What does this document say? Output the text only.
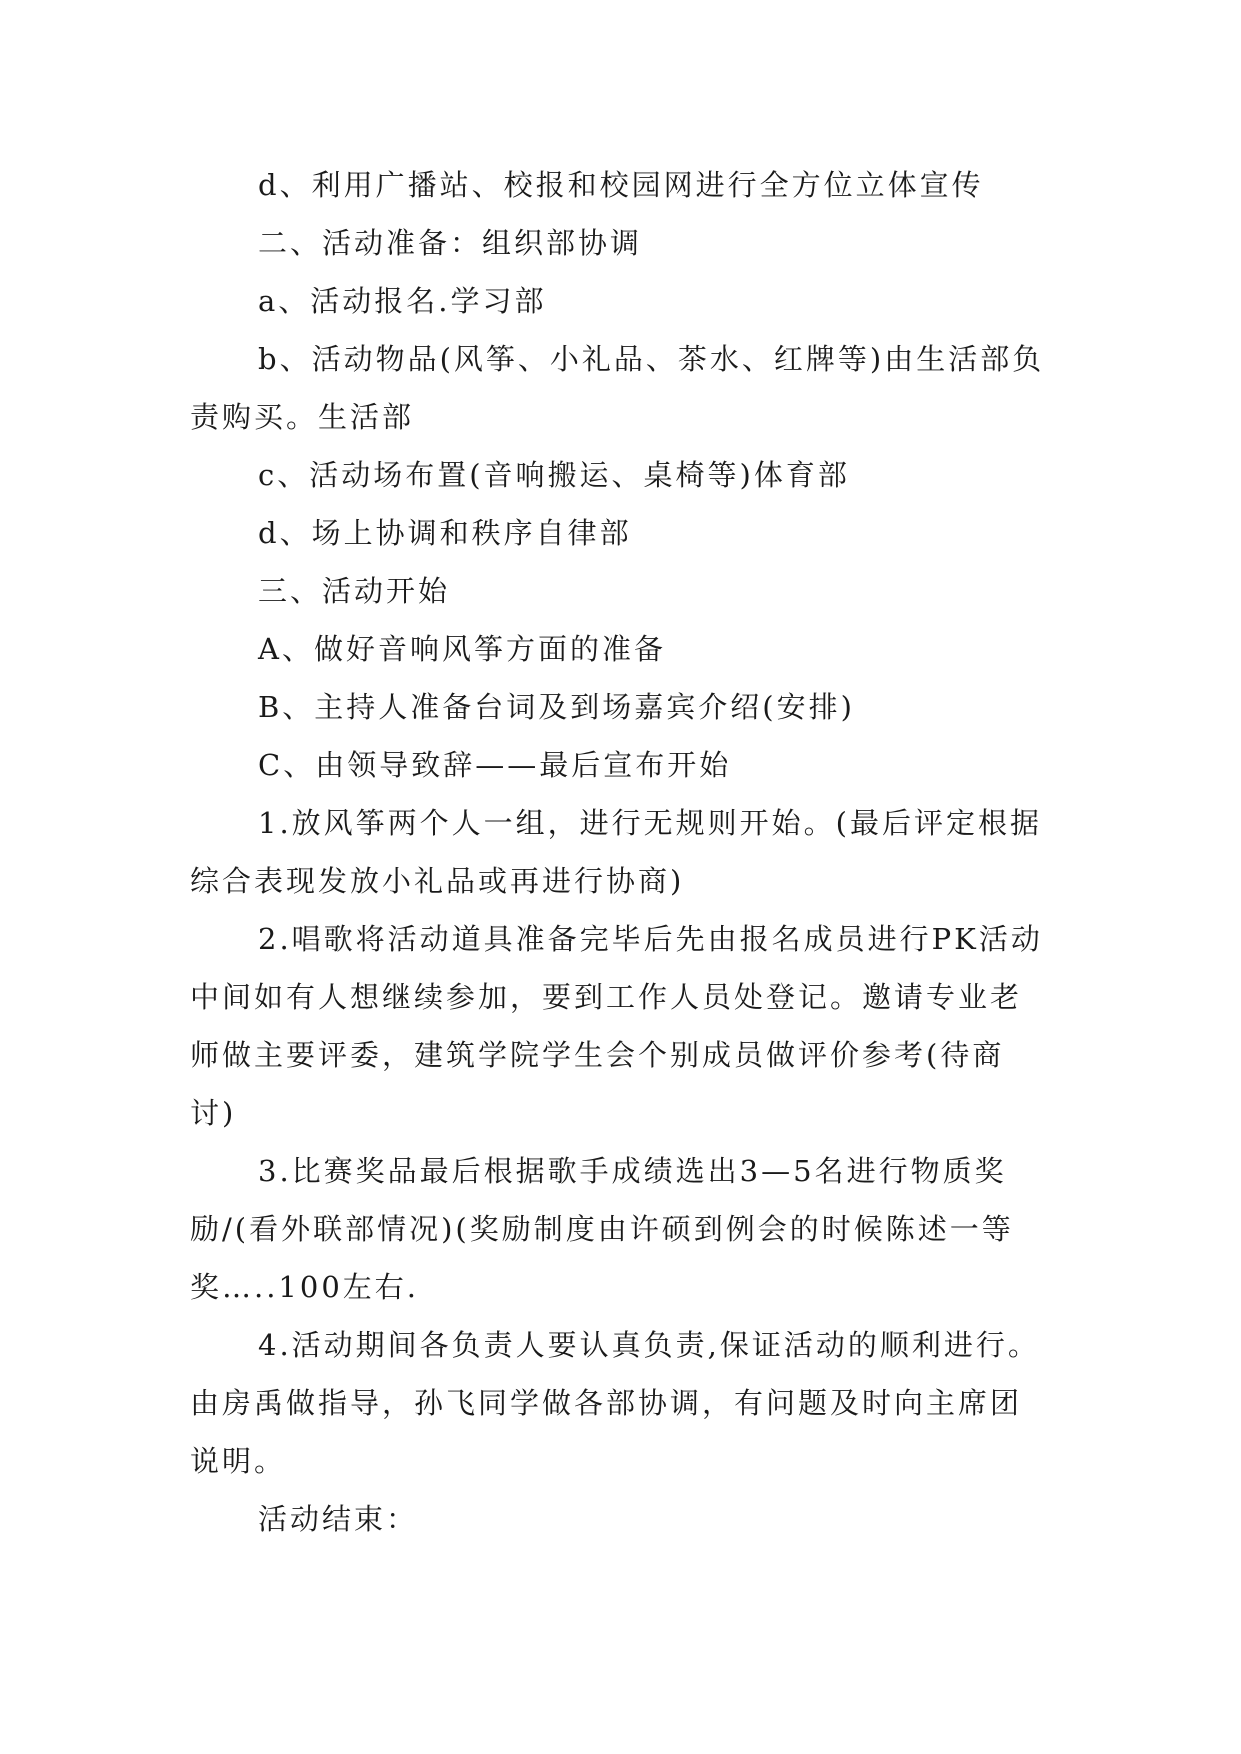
d、利用广播站、校报和校园网进行全方位立体宣传

二、活动准备：组织部协调

a、活动报名.学习部

b、活动物品(风筝、小礼品、茶水、红牌等)由生活部负责购买。生活部

c、活动场布置(音响搬运、桌椅等)体育部

d、场上协调和秩序自律部

三、活动开始

A、做好音响风筝方面的准备

B、主持人准备台词及到场嘉宾介绍(安排)

C、由领导致辞——最后宣布开始

1.放风筝两个人一组，进行无规则开始。(最后评定根据综合表现发放小礼品或再进行协商)

2.唱歌将活动道具准备完毕后先由报名成员进行PK活动中间如有人想继续参加，要到工作人员处登记。邀请专业老师做主要评委，建筑学院学生会个别成员做评价参考(待商讨)

3.比赛奖品最后根据歌手成绩选出3—5名进行物质奖励/(看外联部情况)(奖励制度由许硕到例会的时候陈述一等奖…..100左右.

4.活动期间各负责人要认真负责,保证活动的顺利进行。由房禹做指导，孙飞同学做各部协调，有问题及时向主席团说明。

活动结束：
